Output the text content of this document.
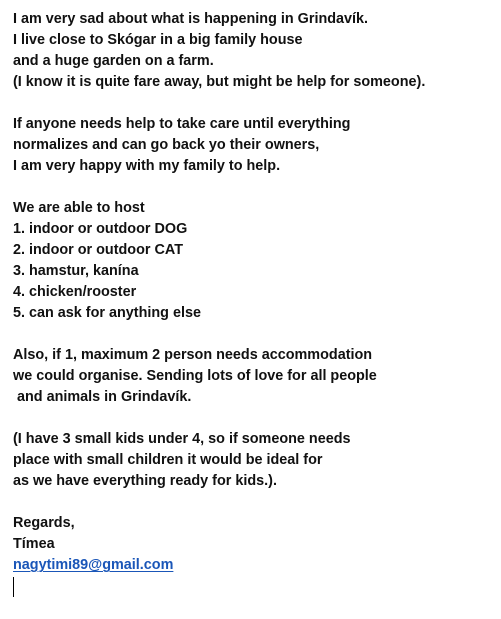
I am very sad about what is happening in Grindavík.
I live close to Skógar in a big family house
and a huge garden on a farm.
(I know it is quite fare away, but might be help for someone).
If anyone needs help to take care until everything
normalizes and can go back yo their owners,
I am very happy with my family to help.
We are able to host
1. indoor or outdoor DOG
2. indoor or outdoor CAT
3. hamstur, kanína
4. chicken/rooster
5. can ask for anything else
Also, if 1, maximum 2 person needs accommodation
we could organise. Sending lots of love for all people
and animals in Grindavík.
(I have 3 small kids under 4, so if someone needs
place with small children it would be ideal for
as we have everything ready for kids.).
Regards,
Tímea
nagytimi89@gmail.com
